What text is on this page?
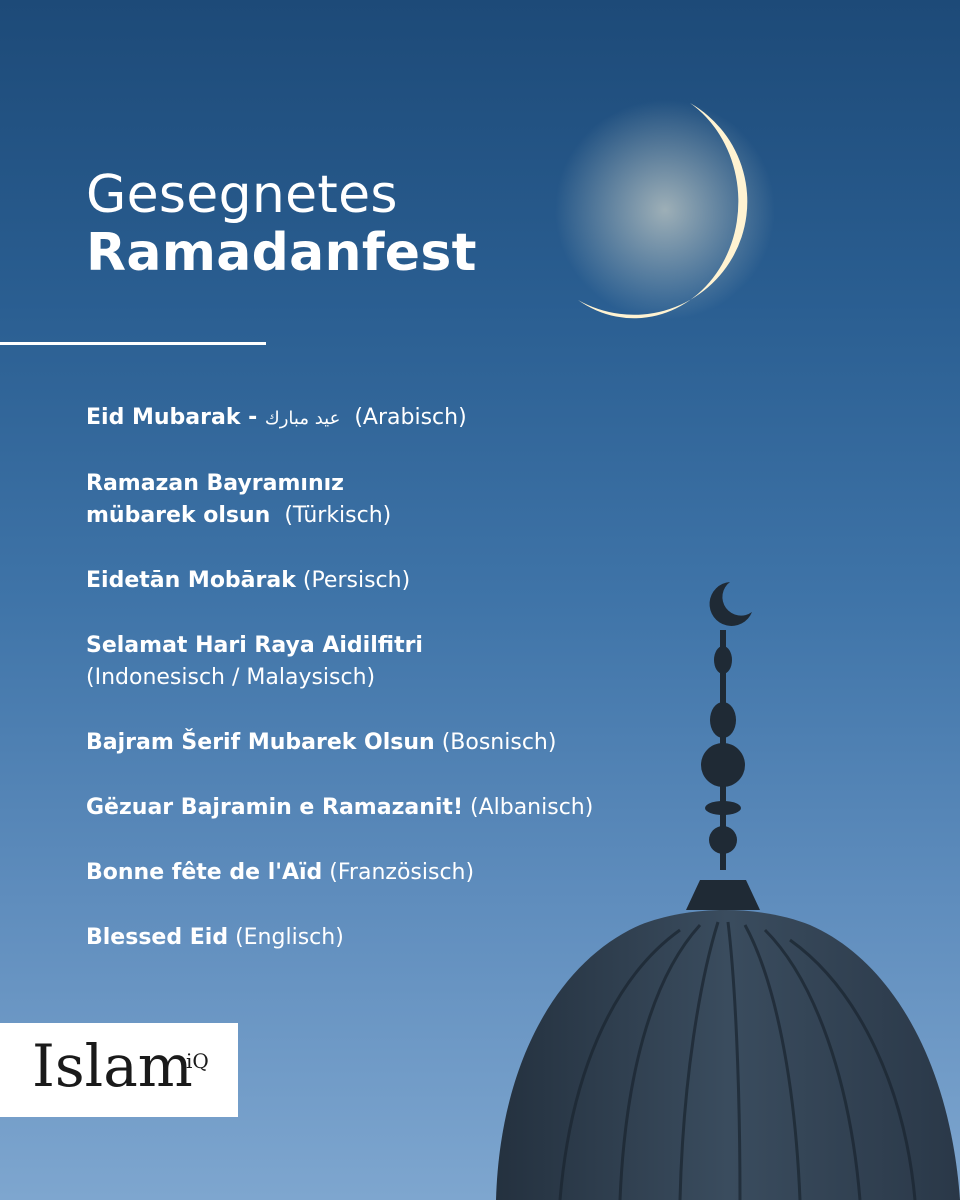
Gesegnetes
Ramadanfest
Eid Mubarak - عيد مبارك (Arabisch)
Ramazan Bayramınız
mübarek olsun (Türkisch)
Eidetān Mobārak (Persisch)
Selamat Hari Raya Aidilfitri
(Indonesisch / Malaysisch)
Bajram Šerif Mubarek Olsun (Bosnisch)
Gëzuar Bajramin e Ramazanit! (Albanisch)
Bonne fête de l'Aïd (Französisch)
Blessed Eid (Englisch)
Islam
iQ
